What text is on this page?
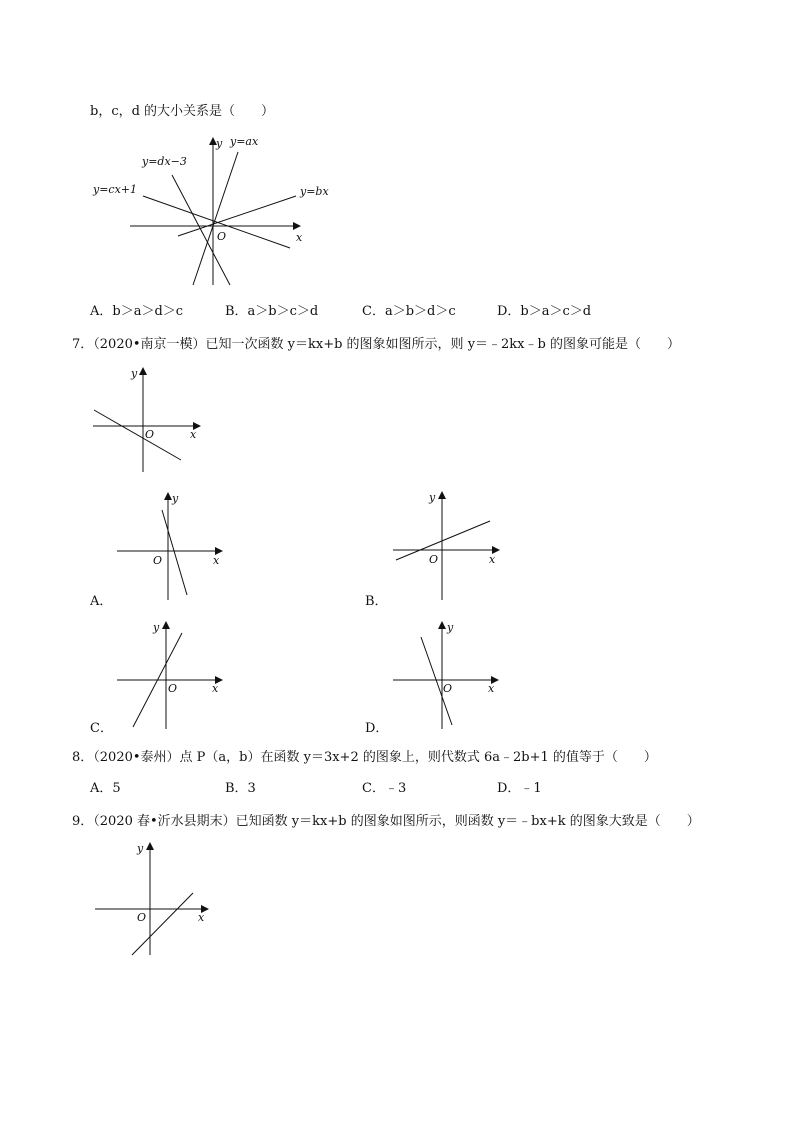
b，c，d 的大小关系是（　　）
y=ax
y=dx−3
y=cx+1	y=bx
y
x
O
A．b＞a＞d＞c	B．a＞b＞c＞d	C．a＞b＞d＞c	D．b＞a＞c＞d
7．（2020•南京一模）已知一次函数 y＝kx+b 的图象如图所示，则 y＝﹣2kx﹣b 的图象可能是（　　）
y
x
O
y
x
O
y
x
O
y
x
O
y
x
O
A．	B．
C．	D．
8．（2020•泰州）点 P（a，b）在函数 y＝3x+2 的图象上，则代数式 6a﹣2b+1 的值等于（　　）
A．5	B．3	C．﹣3	D．﹣1
9．（2020 春•沂水县期末）已知函数 y＝kx+b 的图象如图所示，则函数 y＝﹣bx+k 的图象大致是（　　）
y
x
O
